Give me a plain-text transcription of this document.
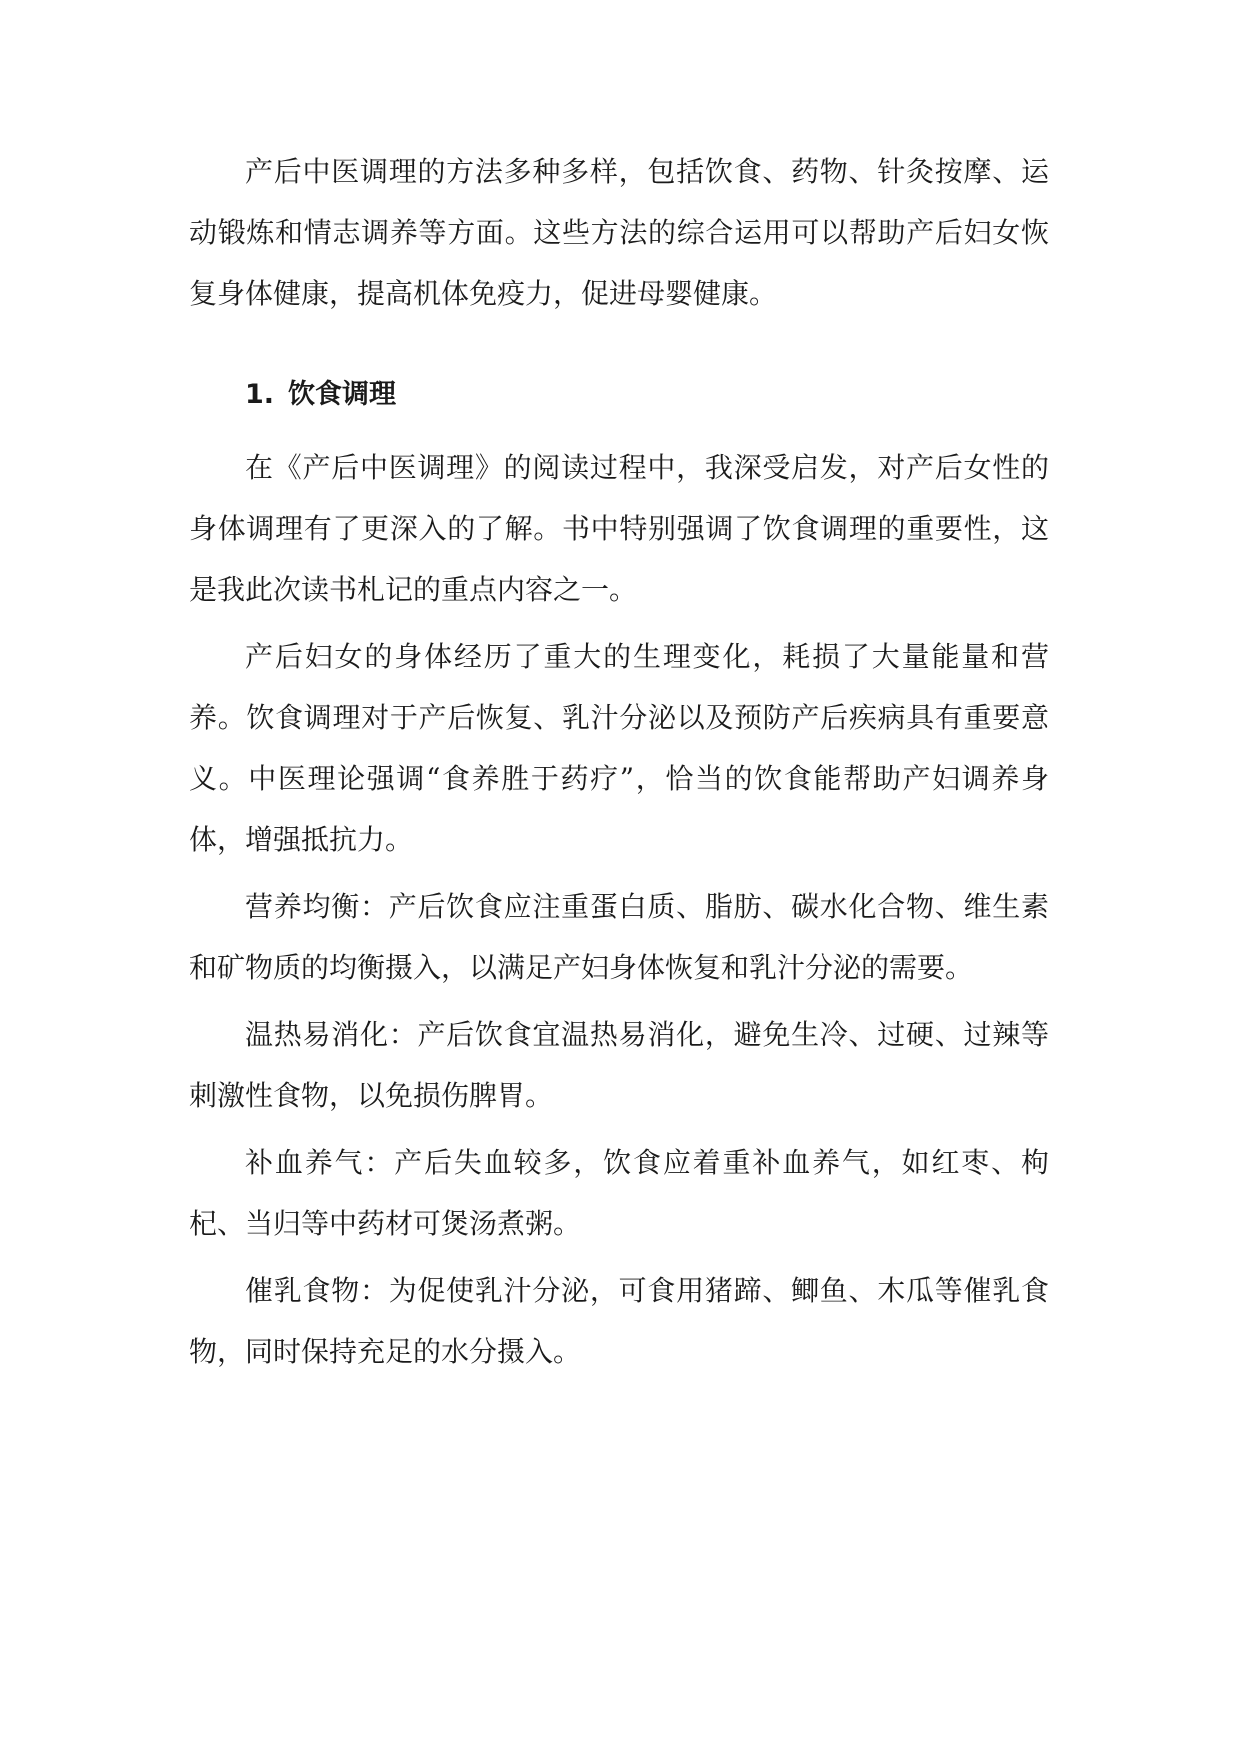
产后中医调理的方法多种多样，包括饮食、药物、针灸按摩、运动锻炼和情志调养等方面。这些方法的综合运用可以帮助产后妇女恢复身体健康，提高机体免疫力，促进母婴健康。

1. 饮食调理

在《产后中医调理》的阅读过程中，我深受启发，对产后女性的身体调理有了更深入的了解。书中特别强调了饮食调理的重要性，这是我此次读书札记的重点内容之一。

产后妇女的身体经历了重大的生理变化，耗损了大量能量和营养。饮食调理对于产后恢复、乳汁分泌以及预防产后疾病具有重要意义。中医理论强调“食养胜于药疗”，恰当的饮食能帮助产妇调养身体，增强抵抗力。

营养均衡：产后饮食应注重蛋白质、脂肪、碳水化合物、维生素和矿物质的均衡摄入，以满足产妇身体恢复和乳汁分泌的需要。

温热易消化：产后饮食宜温热易消化，避免生冷、过硬、过辣等刺激性食物，以免损伤脾胃。

补血养气：产后失血较多，饮食应着重补血养气，如红枣、枸杞、当归等中药材可煲汤煮粥。

催乳食物：为促使乳汁分泌，可食用猪蹄、鲫鱼、木瓜等催乳食物，同时保持充足的水分摄入。
